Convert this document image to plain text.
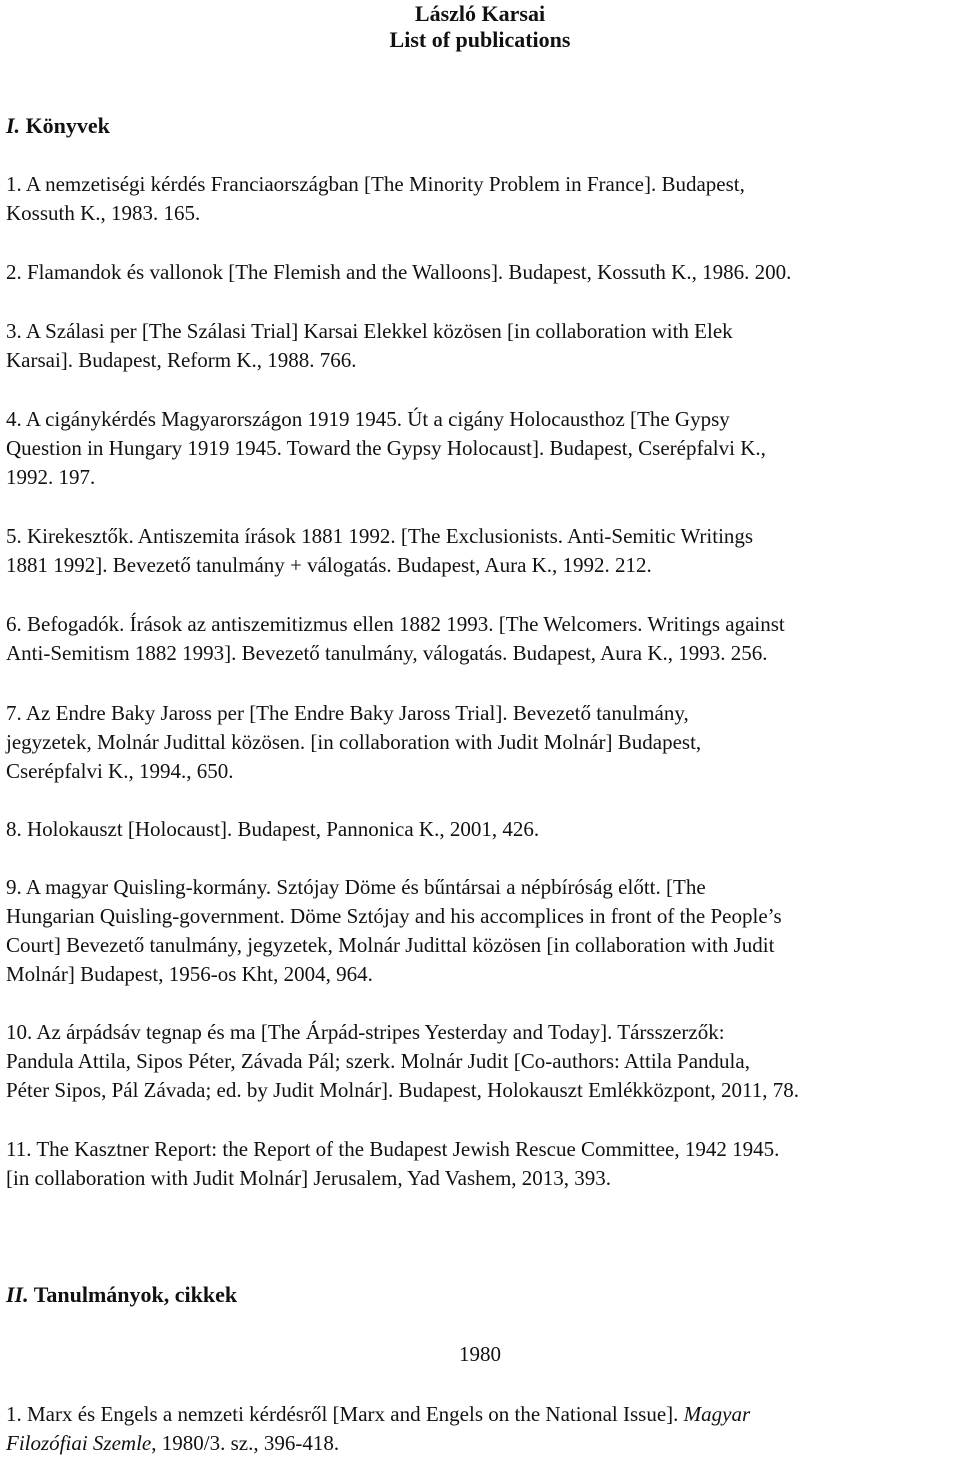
László Karsai
List of publications
I. Könyvek
1. A nemzetiségi kérdés Franciaországban [The Minority Problem in France]. Budapest,
Kossuth K., 1983. 165.
2. Flamandok és vallonok [The Flemish and the Walloons]. Budapest, Kossuth K., 1986. 200.
3. A Szálasi per [The Szálasi Trial] Karsai Elekkel közösen [in collaboration with Elek
Karsai]. Budapest, Reform K., 1988. 766.
4. A cigánykérdés Magyarországon 1919 1945. Út a cigány Holocausthoz [The Gypsy
Question in Hungary 1919 1945. Toward the Gypsy Holocaust]. Budapest, Cserépfalvi K.,
1992. 197.
5. Kirekesztők. Antiszemita írások 1881 1992. [The Exclusionists. Anti-Semitic Writings
1881 1992]. Bevezető tanulmány + válogatás. Budapest, Aura K., 1992. 212.
6. Befogadók. Írások az antiszemitizmus ellen 1882 1993. [The Welcomers. Writings against
Anti-Semitism 1882 1993]. Bevezető tanulmány, válogatás. Budapest, Aura K., 1993. 256.
7. Az Endre Baky Jaross per [The Endre Baky Jaross Trial]. Bevezető tanulmány,
jegyzetek, Molnár Judittal közösen. [in collaboration with Judit Molnár] Budapest,
Cserépfalvi K., 1994., 650.
8. Holokauszt [Holocaust]. Budapest, Pannonica K., 2001, 426.
9. A magyar Quisling-kormány. Sztójay Döme és bűntársai a népbíróság előtt. [The
Hungarian Quisling-government. Döme Sztójay and his accomplices in front of the People’s
Court] Bevezető tanulmány, jegyzetek, Molnár Judittal közösen [in collaboration with Judit
Molnár] Budapest, 1956-os Kht, 2004, 964.
10. Az árpádsáv tegnap és ma [The Árpád-stripes Yesterday and Today]. Társszerzők:
Pandula Attila, Sipos Péter, Závada Pál; szerk. Molnár Judit [Co-authors: Attila Pandula,
Péter Sipos, Pál Závada; ed. by Judit Molnár]. Budapest, Holokauszt Emlékközpont, 2011, 78.
11. The Kasztner Report: the Report of the Budapest Jewish Rescue Committee, 1942 1945.
[in collaboration with Judit Molnár] Jerusalem, Yad Vashem, 2013, 393.
II. Tanulmányok, cikkek
1980
1. Marx és Engels a nemzeti kérdésről [Marx and Engels on the National Issue]. Magyar
Filozófiai Szemle, 1980/3. sz., 396-418.
